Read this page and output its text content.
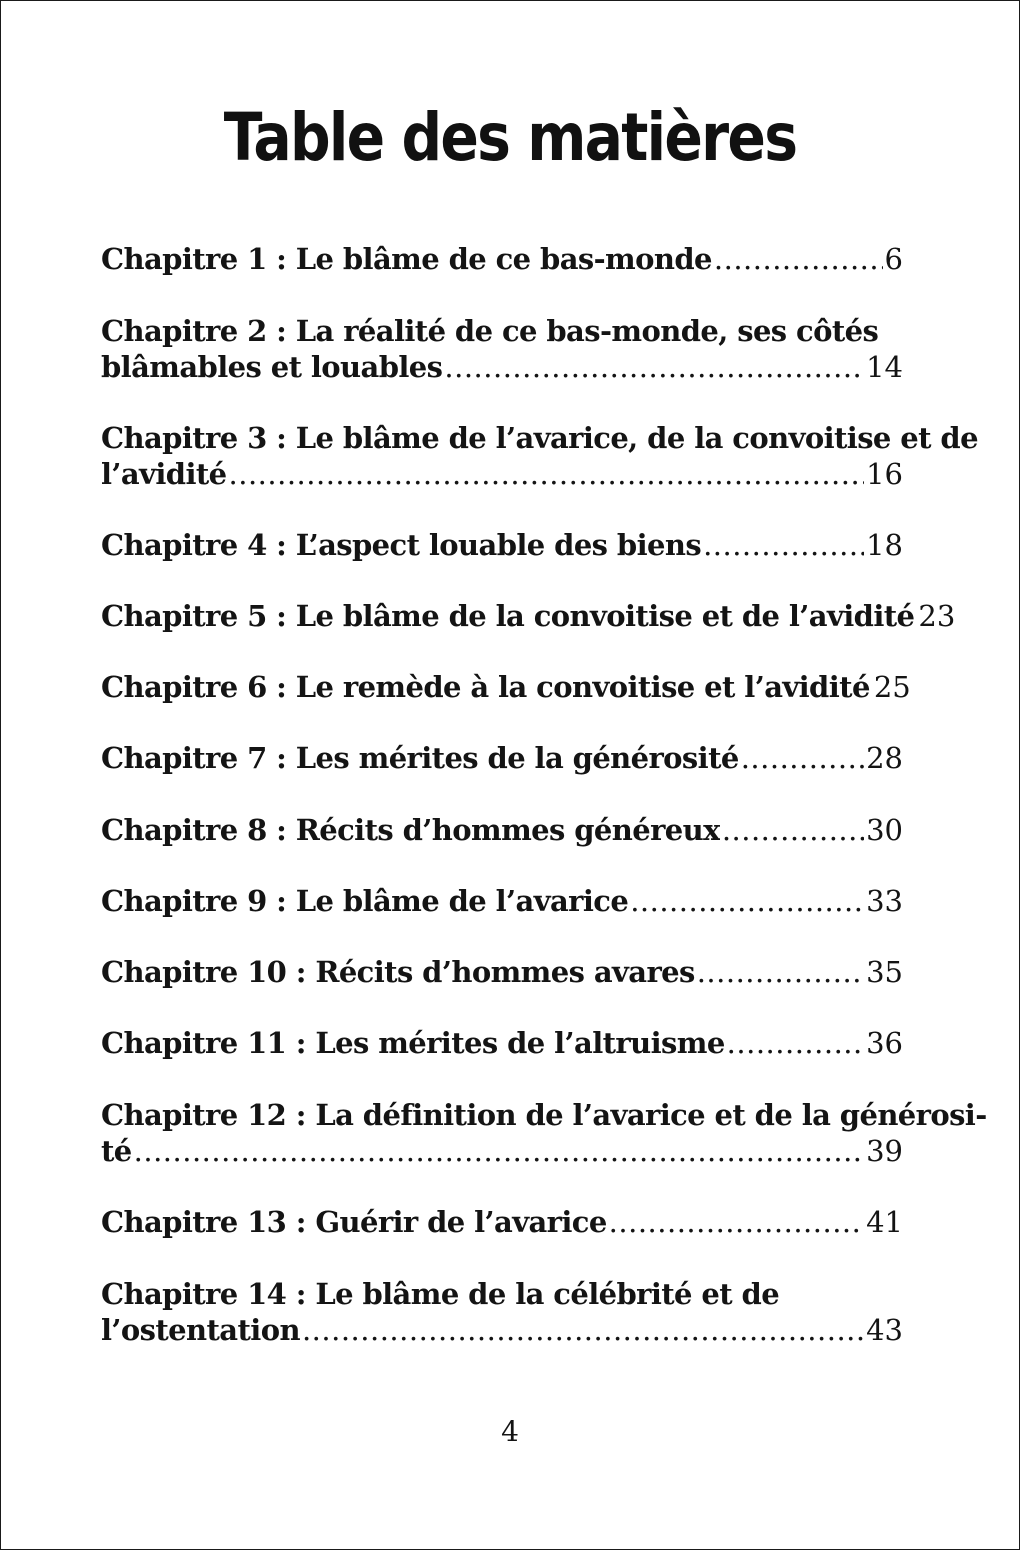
Table des matières
Chapitre 1 : Le blâme de ce bas-monde .....	6
Chapitre 2 : La réalité de ce bas-monde, ses côtés
blâmables et louables .....	14
Chapitre 3 : Le blâme de l’avarice, de la convoitise et de
l’avidité .....	16
Chapitre 4 : L’aspect louable des biens .....	18
Chapitre 5 : Le blâme de la convoitise et de l’avidité 23
Chapitre 6 : Le remède à la convoitise et l’avidité 25
Chapitre 7 : Les mérites de la générosité .....	28
Chapitre 8 : Récits d’hommes généreux .....	30
Chapitre 9 : Le blâme de l’avarice .....	33
Chapitre 10 : Récits d’hommes avares .....	35
Chapitre 11 : Les mérites de l’altruisme .....	36
Chapitre 12 : La définition de l’avarice et de la générosi-
té .....	39
Chapitre 13 : Guérir de l’avarice .....	41
Chapitre 14 : Le blâme de la célébrité et de
l’ostentation .....	43
4
